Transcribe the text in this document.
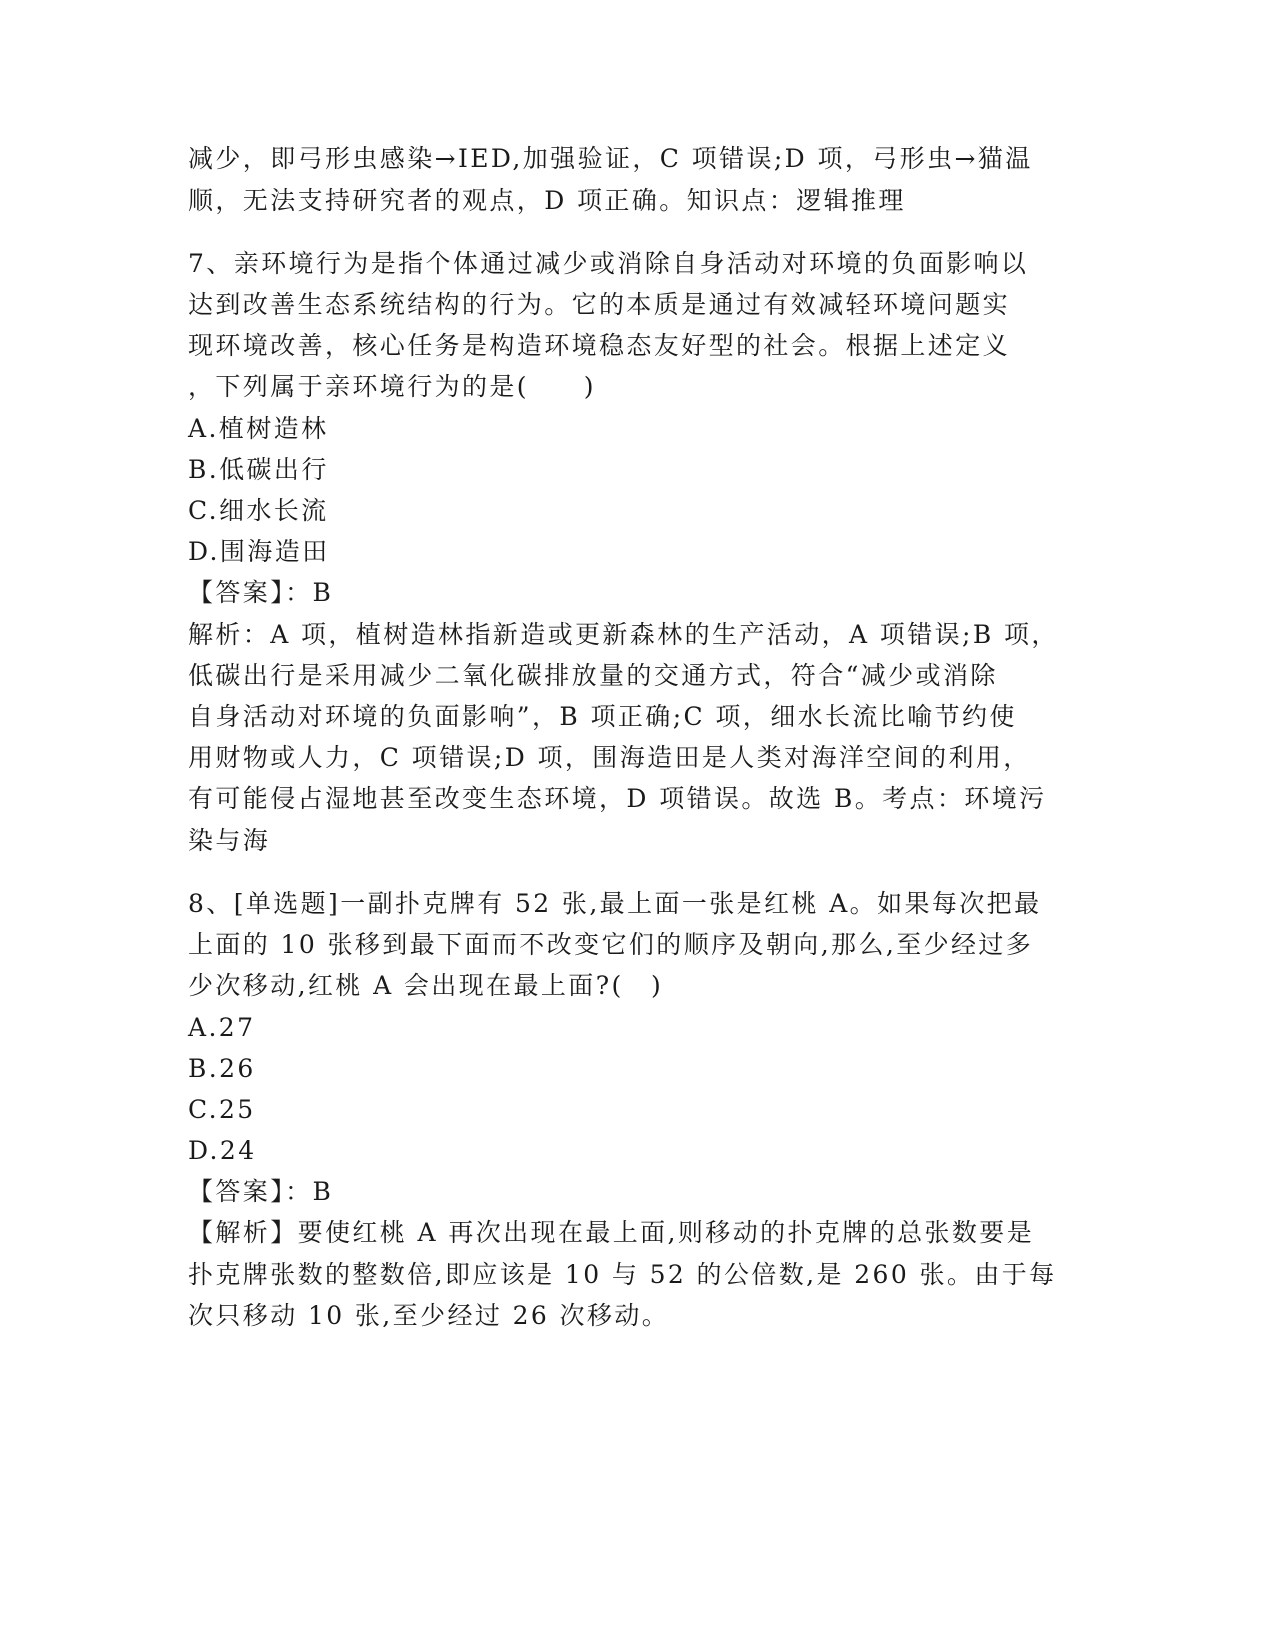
减少，即弓形虫感染→IED,加强验证，C 项错误;D 项，弓形虫→猫温
顺，无法支持研究者的观点，D 项正确。知识点：逻辑推理
7、亲环境行为是指个体通过减少或消除自身活动对环境的负面影响以
达到改善生态系统结构的行为。它的本质是通过有效减轻环境问题实
现环境改善，核心任务是构造环境稳态友好型的社会。根据上述定义
，下列属于亲环境行为的是(　　)
A.植树造林
B.低碳出行
C.细水长流
D.围海造田
【答案】：B
解析：A 项，植树造林指新造或更新森林的生产活动，A 项错误;B 项，
低碳出行是采用减少二氧化碳排放量的交通方式，符合“减少或消除
自身活动对环境的负面影响”，B 项正确;C 项，细水长流比喻节约使
用财物或人力，C 项错误;D 项，围海造田是人类对海洋空间的利用，
有可能侵占湿地甚至改变生态环境，D 项错误。故选 B。考点：环境污
染与海
8、[单选题]一副扑克牌有 52 张,最上面一张是红桃 A。如果每次把最
上面的 10 张移到最下面而不改变它们的顺序及朝向,那么,至少经过多
少次移动,红桃 A 会出现在最上面?(　)
A.27
B.26
C.25
D.24
【答案】：B
【解析】要使红桃 A 再次出现在最上面,则移动的扑克牌的总张数要是
扑克牌张数的整数倍,即应该是 10 与 52 的公倍数,是 260 张。由于每
次只移动 10 张,至少经过 26 次移动。
